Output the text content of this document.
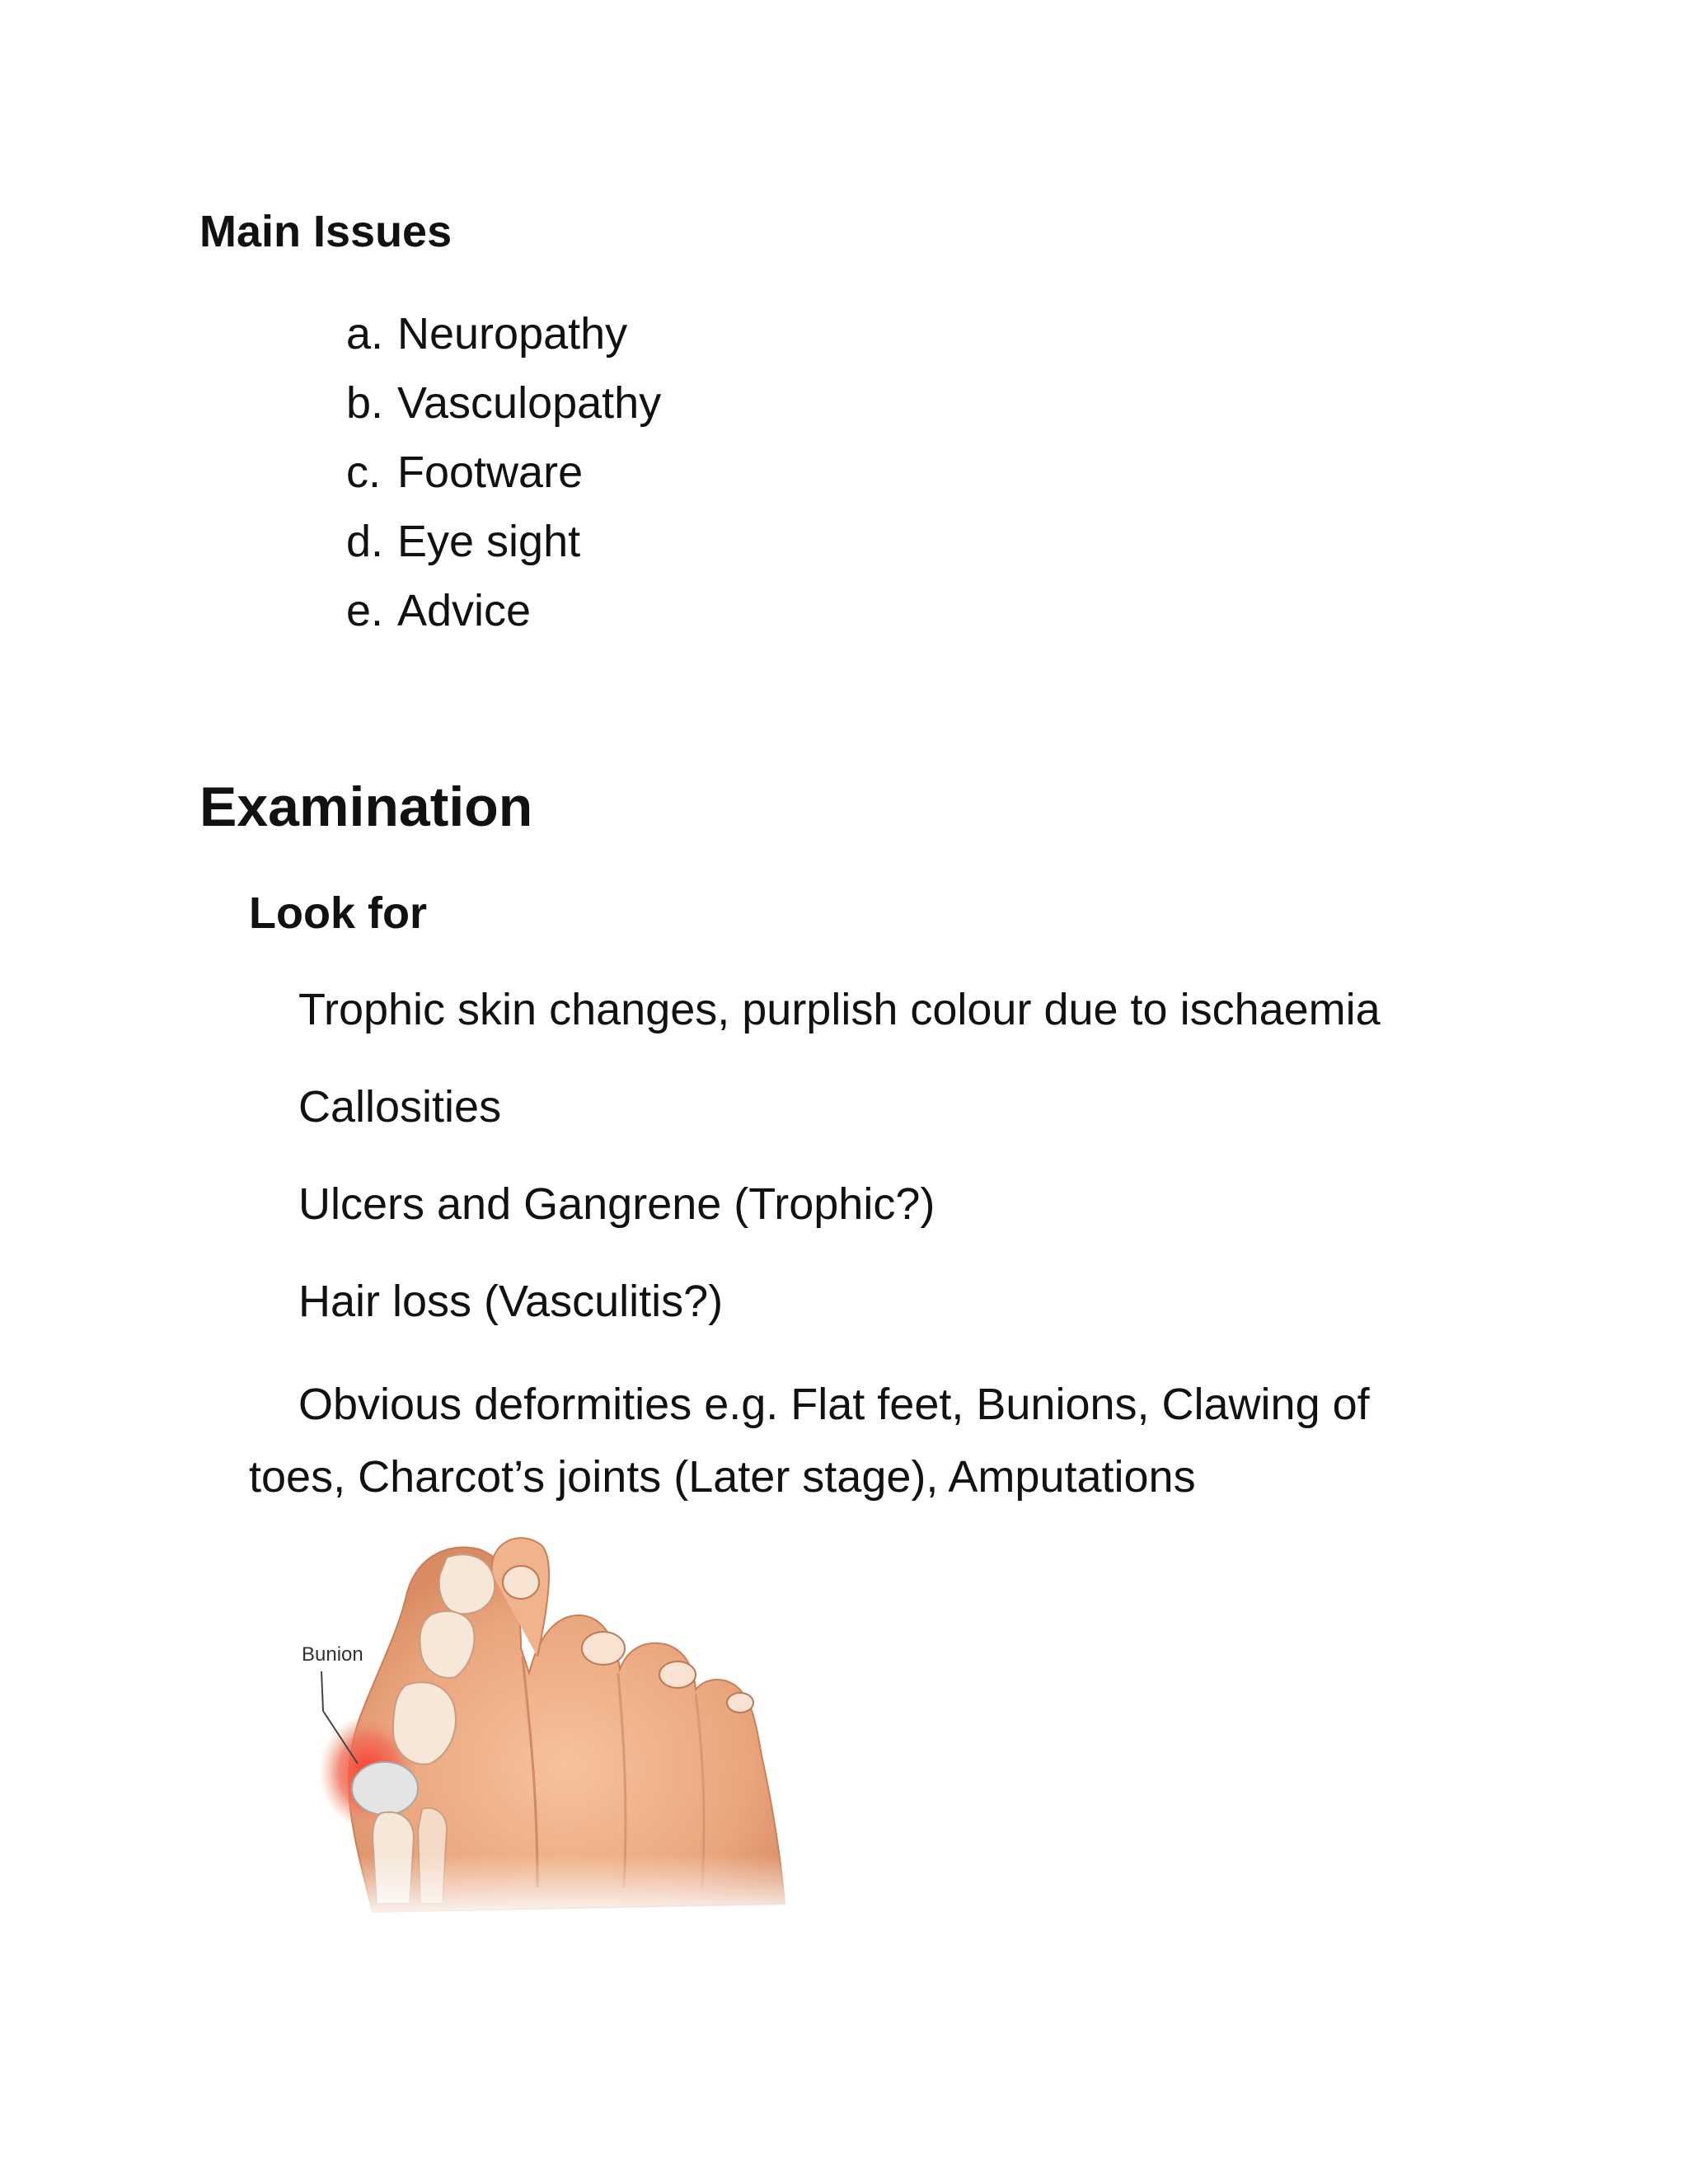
Main Issues
a. Neuropathy
b. Vasculopathy
c. Footware
d. Eye sight
e. Advice
Examination
Look for

Trophic skin changes, purplish colour due to ischaemia

Callosities

Ulcers and Gangrene (Trophic?)

Hair loss (Vasculitis?)

Obvious deformities e.g. Flat feet, Bunions, Clawing of toes, Charcot’s joints (Later stage), Amputations

Bunion
